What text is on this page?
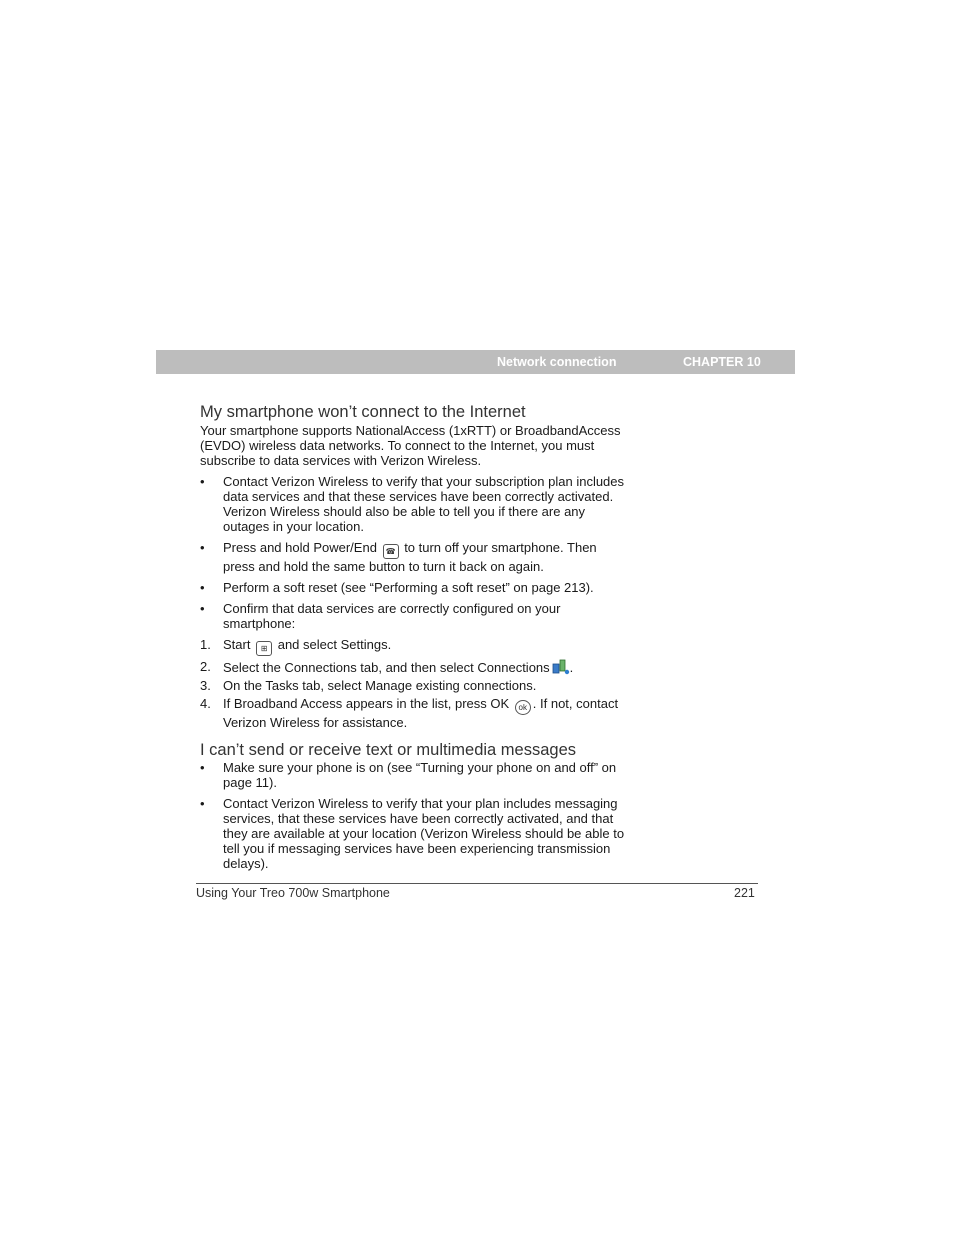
Network connection	CHAPTER 10
My smartphone won’t connect to the Internet

Your smartphone supports NationalAccess (1xRTT) or BroadbandAccess (EVDO) wireless data networks. To connect to the Internet, you must subscribe to data services with Verizon Wireless.

• Contact Verizon Wireless to verify that your subscription plan includes data services and that these services have been correctly activated. Verizon Wireless should also be able to tell you if there are any outages in your location.
• Press and hold Power/End ☎ to turn off your smartphone. Then press and hold the same button to turn it back on again.
• Perform a soft reset (see “Performing a soft reset” on page 213).
• Confirm that data services are correctly configured on your smartphone:
1. Start ⊞ and select Settings.
2. Select the Connections tab, and then select Connections .
3. On the Tasks tab, select Manage existing connections.
4. If Broadband Access appears in the list, press OK ok . If not, contact Verizon Wireless for assistance.
I can’t send or receive text or multimedia messages
• Make sure your phone is on (see “Turning your phone on and off” on page 11).
• Contact Verizon Wireless to verify that your plan includes messaging services, that these services have been correctly activated, and that they are available at your location (Verizon Wireless should be able to tell you if messaging services have been experiencing transmission delays).
Using Your Treo 700w Smartphone	221
